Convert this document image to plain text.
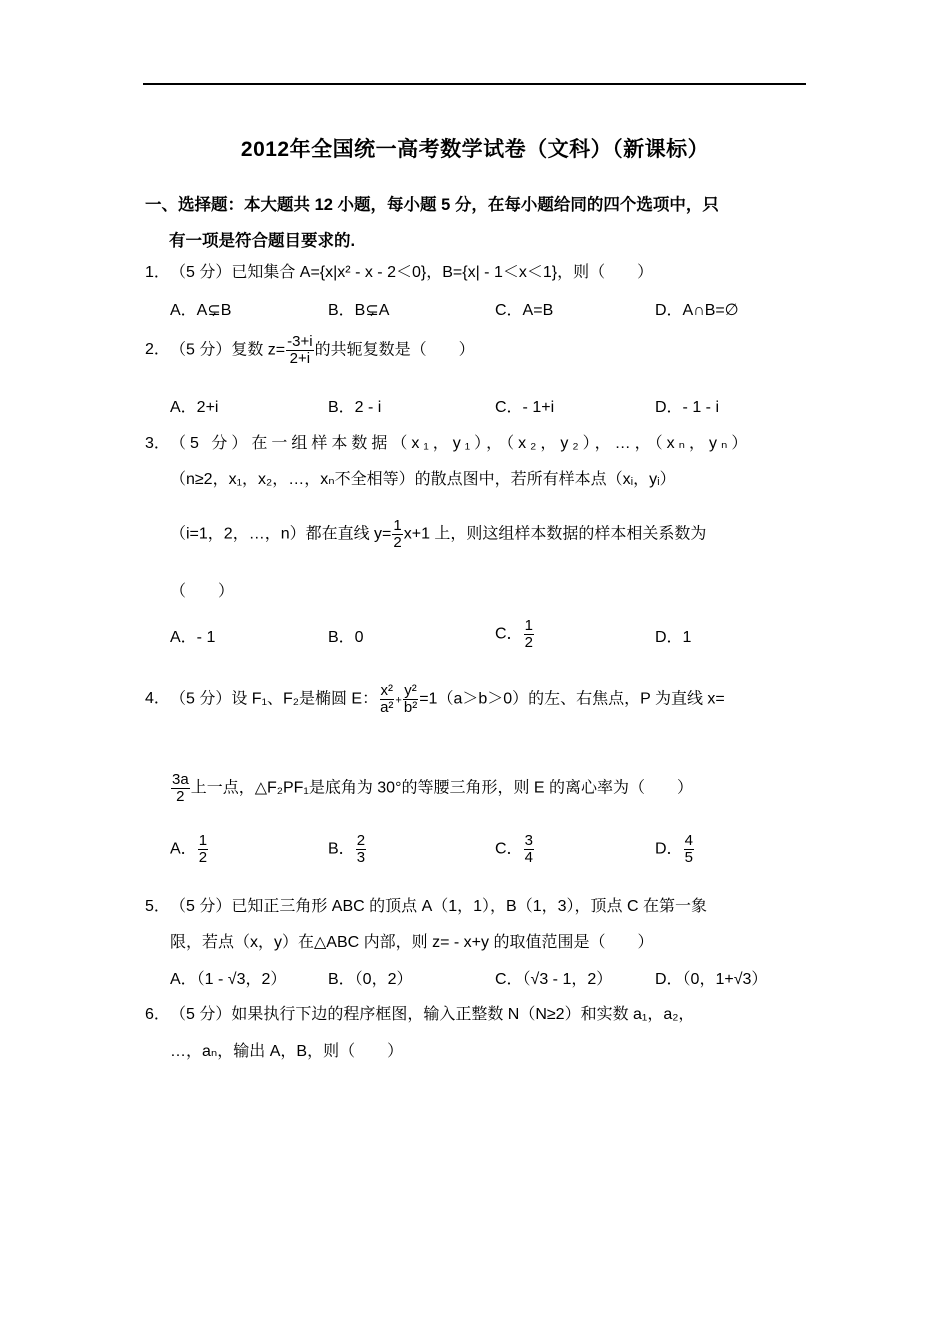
2012年全国统一高考数学试卷（文科）（新课标）
一、选择题：本大题共 12 小题，每小题 5 分，在每小题给同的四个选项中，只
有一项是符合题目要求的.
1．（5 分）已知集合 A={x|x² - x - 2＜0}，B={x| - 1＜x＜1}，则（　　）
A．A⊊B	B．B⊊A	C．A=B	D．A∩B=∅
2．（5 分）复数 $z= \frac{-3+i}{2+i}$ 的共轭复数是（　　）
A．2+i	B．2 - i	C．- 1+i	D．- 1 - i
3．（5 分）在一组样本数据（x₁，y₁），（x₂，y₂），…，（xₙ，yₙ）
（n≥2，x₁，x₂，…，xₙ不全相等）的散点图中，若所有样本点（xᵢ，yᵢ）
（i=1，2，…，n）都在直线 $y= \frac{1}{2} x+1$ 上，则这组样本数据的样本相关系数为
（　　）
A．- 1	B．0	C． $\frac{1}{2}$	D．1
4．（5 分）设 F₁、F₂是椭圆 E： $\frac{\text{x²}}{\text{a²}} + \frac{\text{y²}}{\text{b²}} =1(a>b>0)$的左、右焦点，P 为直线 x=
$\frac{3a}{2}$ 上一点，△F₂PF₁是底角为 30°的等腰三角形，则 E 的离心率为（　　）
A． $\frac{1}{2}$	B． $\frac{2}{3}$	C． $\frac{3}{4}$	D． $\frac{4}{5}$
5．（5 分）已知正三角形 ABC 的顶点 A（1，1），B（1，3），顶点 C 在第一象
限，若点（x，y）在△ABC 内部，则 z= - x+y 的取值范围是（　　）
A．（1 - √3，2）	B．（0，2）	C．（√3 - 1，2）	D．（0，1+√3）
6．（5 分）如果执行下边的程序框图，输入正整数 N（N≥2）和实数 a₁，a₂，
…，aₙ，输出 A，B，则（　　）
